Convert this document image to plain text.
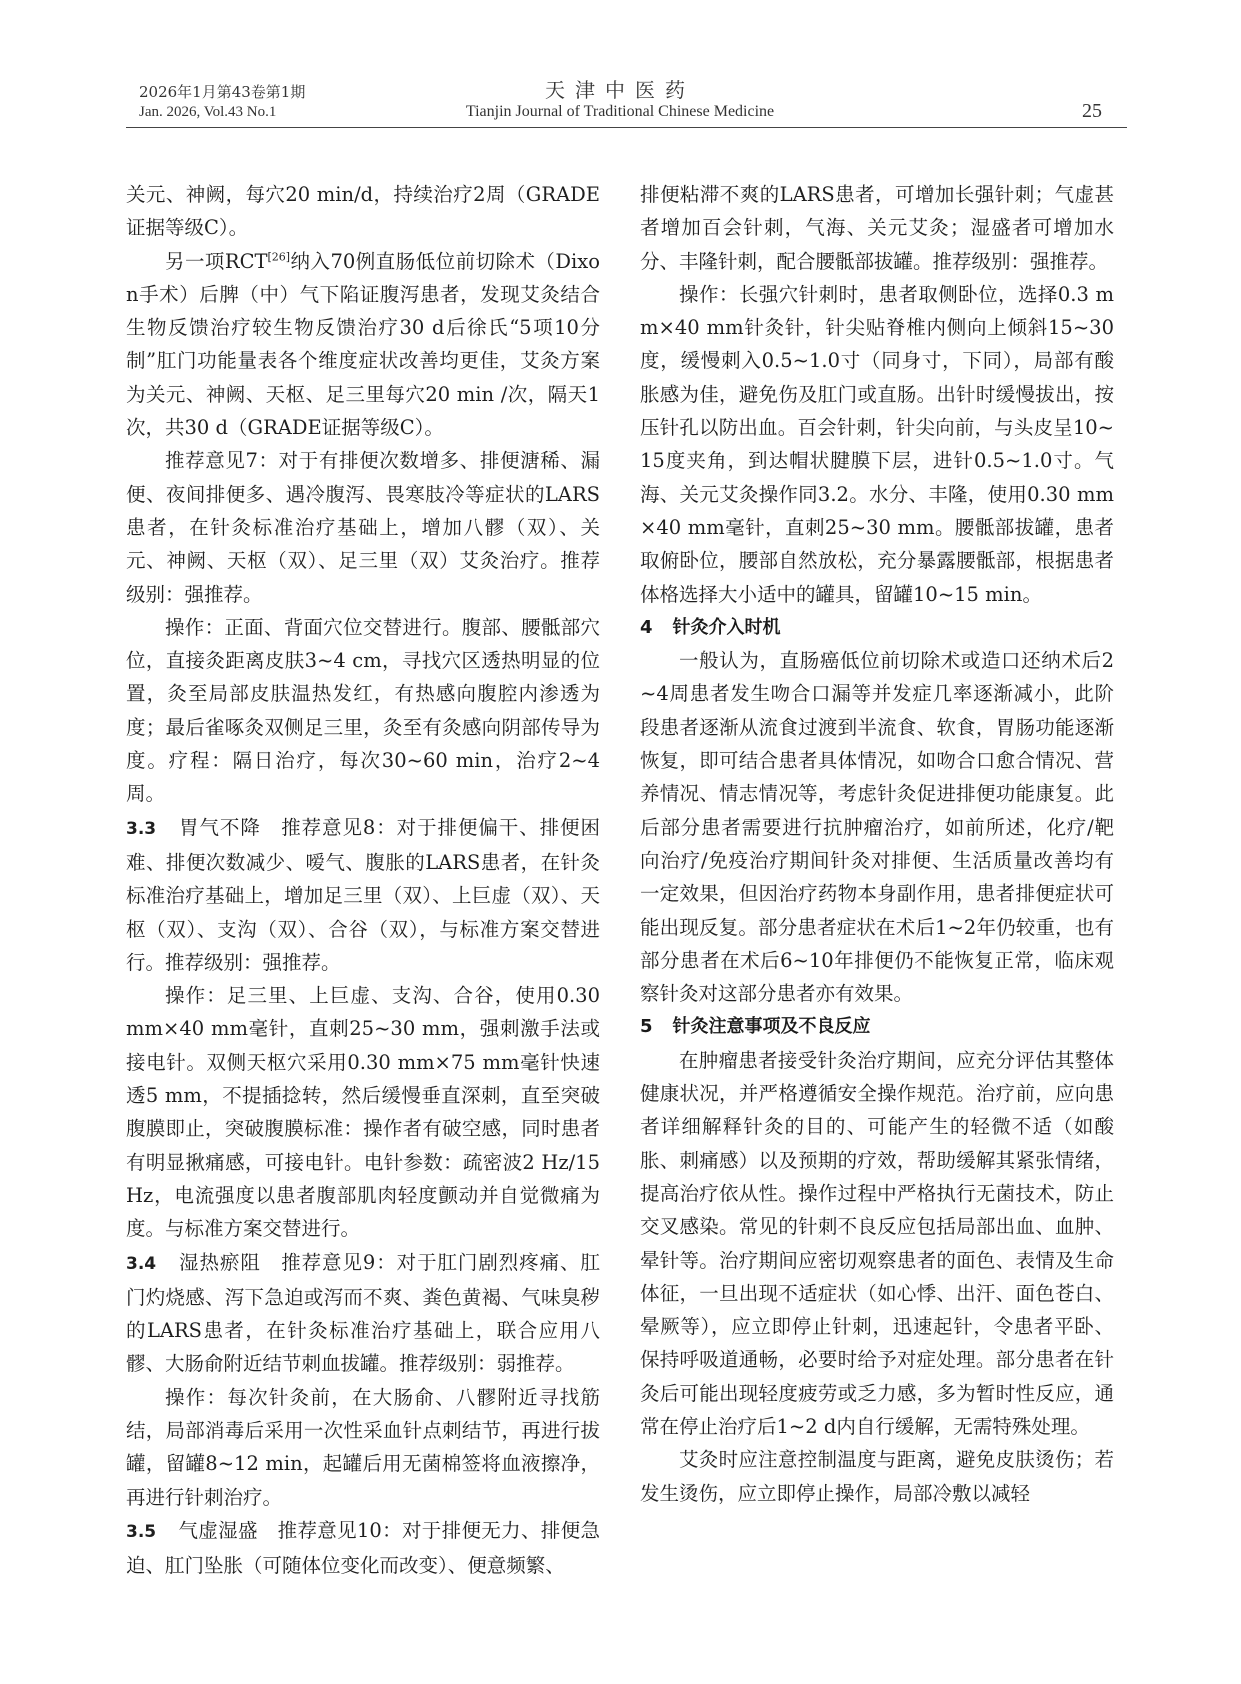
2026年1月第43卷第1期
Jan. 2026, Vol.43 No.1
天津中医药
Tianjin Journal of Traditional Chinese Medicine	25

关元、神阙，每穴20 min/d，持续治疗2周（GRADE证据等级C）。

另一项RCT[26]纳入70例直肠低位前切除术（Dixon手术）后脾（中）气下陷证腹泻患者，发现艾灸结合生物反馈治疗较生物反馈治疗30 d后徐氏“5项10分制”肛门功能量表各个维度症状改善均更佳，艾灸方案为关元、神阙、天枢、足三里每穴20 min /次，隔天1次，共30 d（GRADE证据等级C）。

推荐意见7：对于有排便次数增多、排便溏稀、漏便、夜间排便多、遇冷腹泻、畏寒肢冷等症状的LARS患者，在针灸标准治疗基础上，增加八髎（双）、关元、神阙、天枢（双）、足三里（双）艾灸治疗。推荐级别：强推荐。

操作：正面、背面穴位交替进行。腹部、腰骶部穴位，直接灸距离皮肤3~4 cm，寻找穴区透热明显的位置，灸至局部皮肤温热发红，有热感向腹腔内渗透为度；最后雀啄灸双侧足三里，灸至有灸感向阴部传导为度。疗程：隔日治疗，每次30~60 min，治疗2~4周。

3.3 胃气不降　 推荐意见8：对于排便偏干、排便困难、排便次数减少、嗳气、腹胀的LARS患者，在针灸标准治疗基础上，增加足三里（双）、上巨虚（双）、天枢（双）、支沟（双）、合谷（双），与标准方案交替进行。推荐级别：强推荐。

操作：足三里、上巨虚、支沟、合谷，使用0.30 mm×40 mm毫针，直刺25~30 mm，强刺激手法或接电针。双侧天枢穴采用0.30 mm×75 mm毫针快速透5 mm，不提插捻转，然后缓慢垂直深刺，直至突破腹膜即止，突破腹膜标准：操作者有破空感，同时患者有明显揪痛感，可接电针。电针参数：疏密波2 Hz/15 Hz，电流强度以患者腹部肌肉轻度颤动并自觉微痛为度。与标准方案交替进行。

3.4 湿热瘀阻　 推荐意见9：对于肛门剧烈疼痛、肛门灼烧感、泻下急迫或泻而不爽、粪色黄褐、气味臭秽的LARS患者，在针灸标准治疗基础上，联合应用八髎、大肠俞附近结节刺血拔罐。推荐级别：弱推荐。

操作：每次针灸前，在大肠俞、八髎附近寻找筋结，局部消毒后采用一次性采血针点刺结节，再进行拔罐，留罐8~12 min，起罐后用无菌棉签将血液擦净，再进行针刺治疗。

3.5 气虚湿盛　 推荐意见10：对于排便无力、排便急迫、肛门坠胀（可随体位变化而改变）、便意频繁、

排便粘滞不爽的LARS患者，可增加长强针刺；气虚甚者增加百会针刺，气海、关元艾灸；湿盛者可增加水分、丰隆针刺，配合腰骶部拔罐。推荐级别：强推荐。

操作：长强穴针刺时，患者取侧卧位，选择0.3 mm×40 mm针灸针，针尖贴脊椎内侧向上倾斜15~30度，缓慢刺入0.5~1.0寸（同身寸，下同），局部有酸胀感为佳，避免伤及肛门或直肠。出针时缓慢拔出，按压针孔以防出血。百会针刺，针尖向前，与头皮呈10~15度夹角，到达帽状腱膜下层，进针0.5~1.0寸。气海、关元艾灸操作同3.2。水分、丰隆，使用0.30 mm×40 mm毫针，直刺25~30 mm。腰骶部拔罐，患者取俯卧位，腰部自然放松，充分暴露腰骶部，根据患者体格选择大小适中的罐具，留罐10~15 min。

4 针灸介入时机

一般认为，直肠癌低位前切除术或造口还纳术后2~4周患者发生吻合口漏等并发症几率逐渐减小，此阶段患者逐渐从流食过渡到半流食、软食，胃肠功能逐渐恢复，即可结合患者具体情况，如吻合口愈合情况、营养情况、情志情况等，考虑针灸促进排便功能康复。此后部分患者需要进行抗肿瘤治疗，如前所述，化疗/靶向治疗/免疫治疗期间针灸对排便、生活质量改善均有一定效果，但因治疗药物本身副作用，患者排便症状可能出现反复。部分患者症状在术后1~2年仍较重，也有部分患者在术后6~10年排便仍不能恢复正常，临床观察针灸对这部分患者亦有效果。

5 针灸注意事项及不良反应

在肿瘤患者接受针灸治疗期间，应充分评估其整体健康状况，并严格遵循安全操作规范。治疗前，应向患者详细解释针灸的目的、可能产生的轻微不适（如酸胀、刺痛感）以及预期的疗效，帮助缓解其紧张情绪，提高治疗依从性。操作过程中严格执行无菌技术，防止交叉感染。常见的针刺不良反应包括局部出血、血肿、晕针等。治疗期间应密切观察患者的面色、表情及生命体征，一旦出现不适症状（如心悸、出汗、面色苍白、晕厥等），应立即停止针刺，迅速起针，令患者平卧、保持呼吸道通畅，必要时给予对症处理。部分患者在针灸后可能出现轻度疲劳或乏力感，多为暂时性反应，通常在停止治疗后1~2 d内自行缓解，无需特殊处理。

艾灸时应注意控制温度与距离，避免皮肤烫伤；若发生烫伤，应立即停止操作，局部冷敷以减轻
